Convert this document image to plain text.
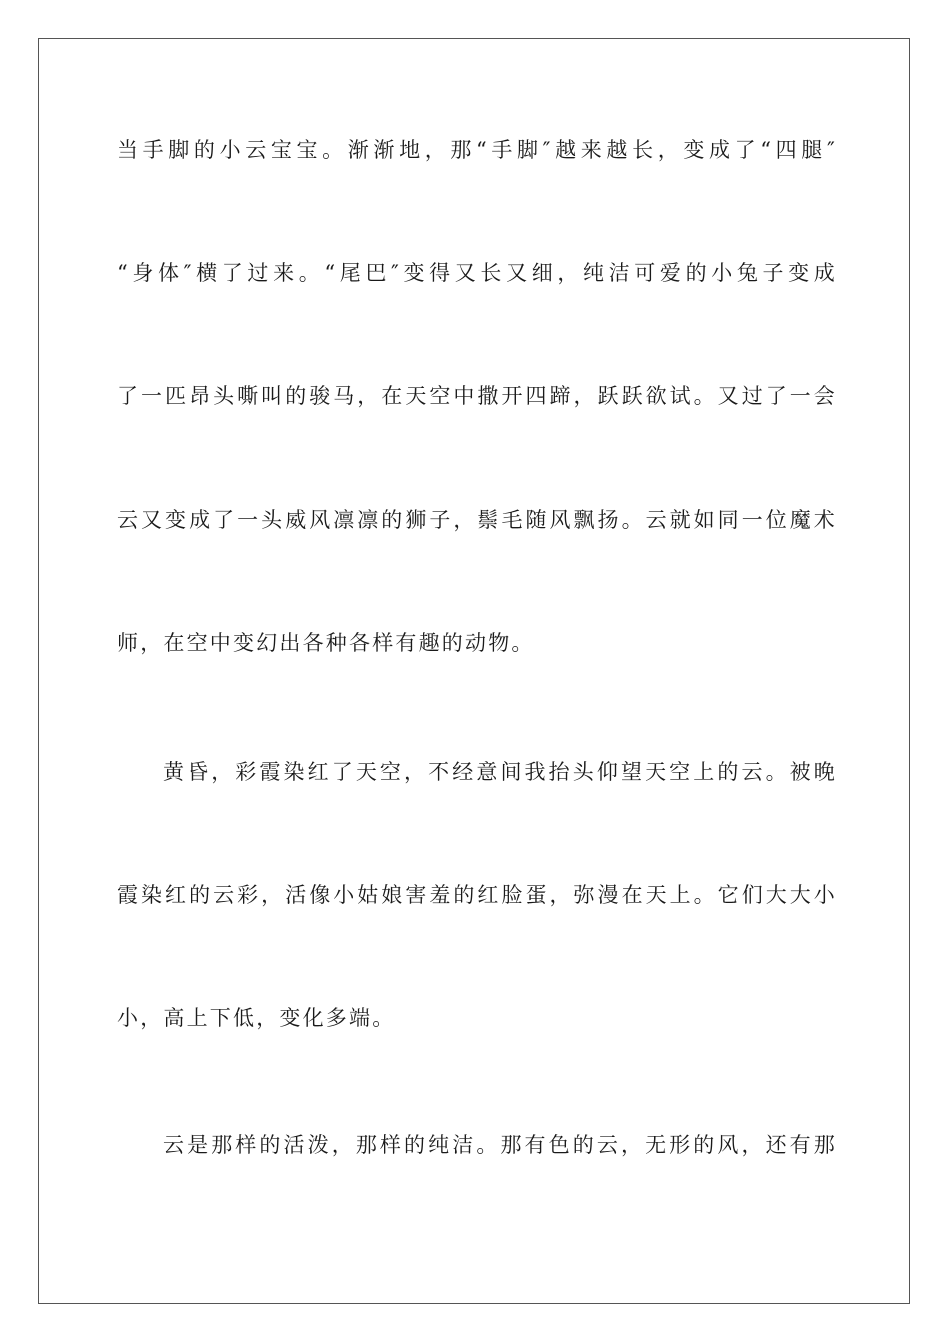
当手脚的小云宝宝。渐渐地，那“手脚″越来越长，变成了“四腿″
“身体″横了过来。“尾巴″变得又长又细，纯洁可爱的小兔子变成
了一匹昂头嘶叫的骏马，在天空中撒开四蹄，跃跃欲试。又过了一会
云又变成了一头威风凛凛的狮子，鬃毛随风飘扬。云就如同一位魔术
师，在空中变幻出各种各样有趣的动物。
黄昏，彩霞染红了天空，不经意间我抬头仰望天空上的云。被晚
霞染红的云彩，活像小姑娘害羞的红脸蛋，弥漫在天上。它们大大小
小，高上下低，变化多端。
云是那样的活泼，那样的纯洁。那有色的云，无形的风，还有那
